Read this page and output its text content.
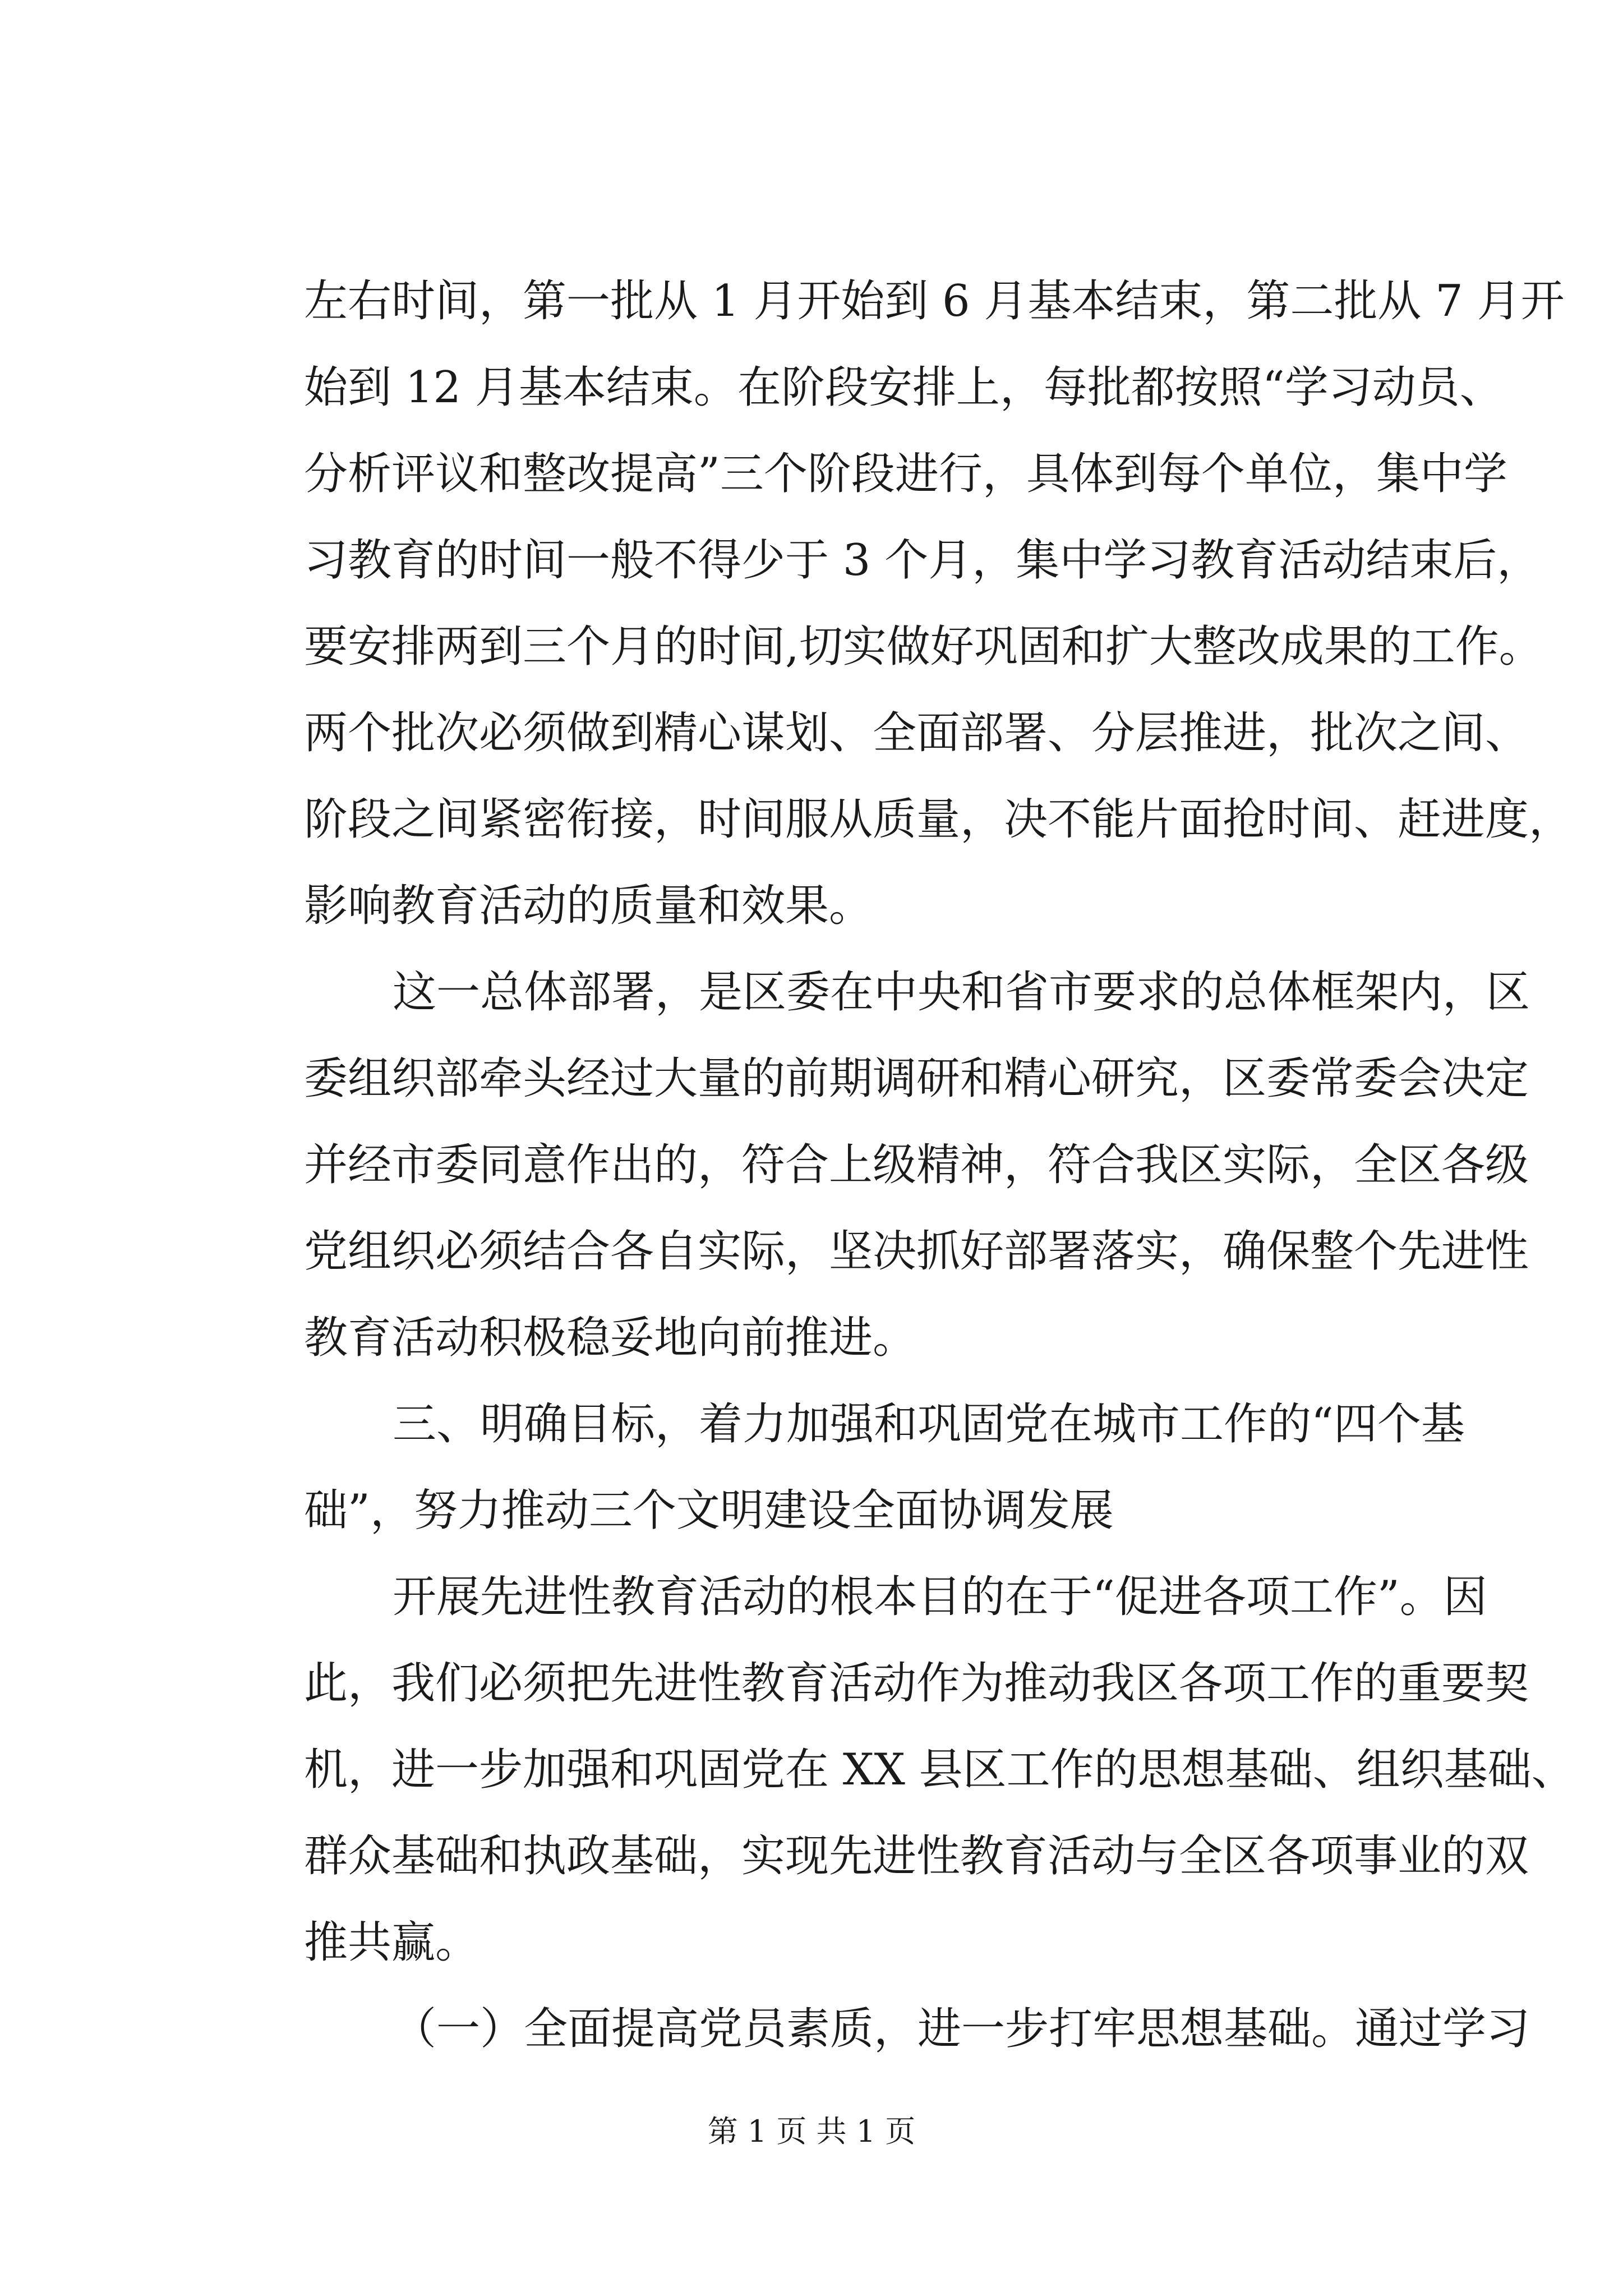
左右时间，第一批从 1 月开始到 6 月基本结束，第二批从 7 月开
始到 12 月基本结束。在阶段安排上，每批都按照“学习动员、
分析评议和整改提高”三个阶段进行，具体到每个单位，集中学
习教育的时间一般不得少于 3 个月，集中学习教育活动结束后，
要安排两到三个月的时间,切实做好巩固和扩大整改成果的工作。
两个批次必须做到精心谋划、全面部署、分层推进，批次之间、
阶段之间紧密衔接，时间服从质量，决不能片面抢时间、赶进度，
影响教育活动的质量和效果。
这一总体部署，是区委在中央和省市要求的总体框架内，区
委组织部牵头经过大量的前期调研和精心研究，区委常委会决定
并经市委同意作出的，符合上级精神，符合我区实际，全区各级
党组织必须结合各自实际，坚决抓好部署落实，确保整个先进性
教育活动积极稳妥地向前推进。
三、明确目标，着力加强和巩固党在城市工作的“四个基
础”，努力推动三个文明建设全面协调发展
开展先进性教育活动的根本目的在于“促进各项工作”。因
此，我们必须把先进性教育活动作为推动我区各项工作的重要契
机，进一步加强和巩固党在 XX 县区工作的思想基础、组织基础、
群众基础和执政基础，实现先进性教育活动与全区各项事业的双
推共赢。
（一）全面提高党员素质，进一步打牢思想基础。通过学习
第 1 页 共 1 页
